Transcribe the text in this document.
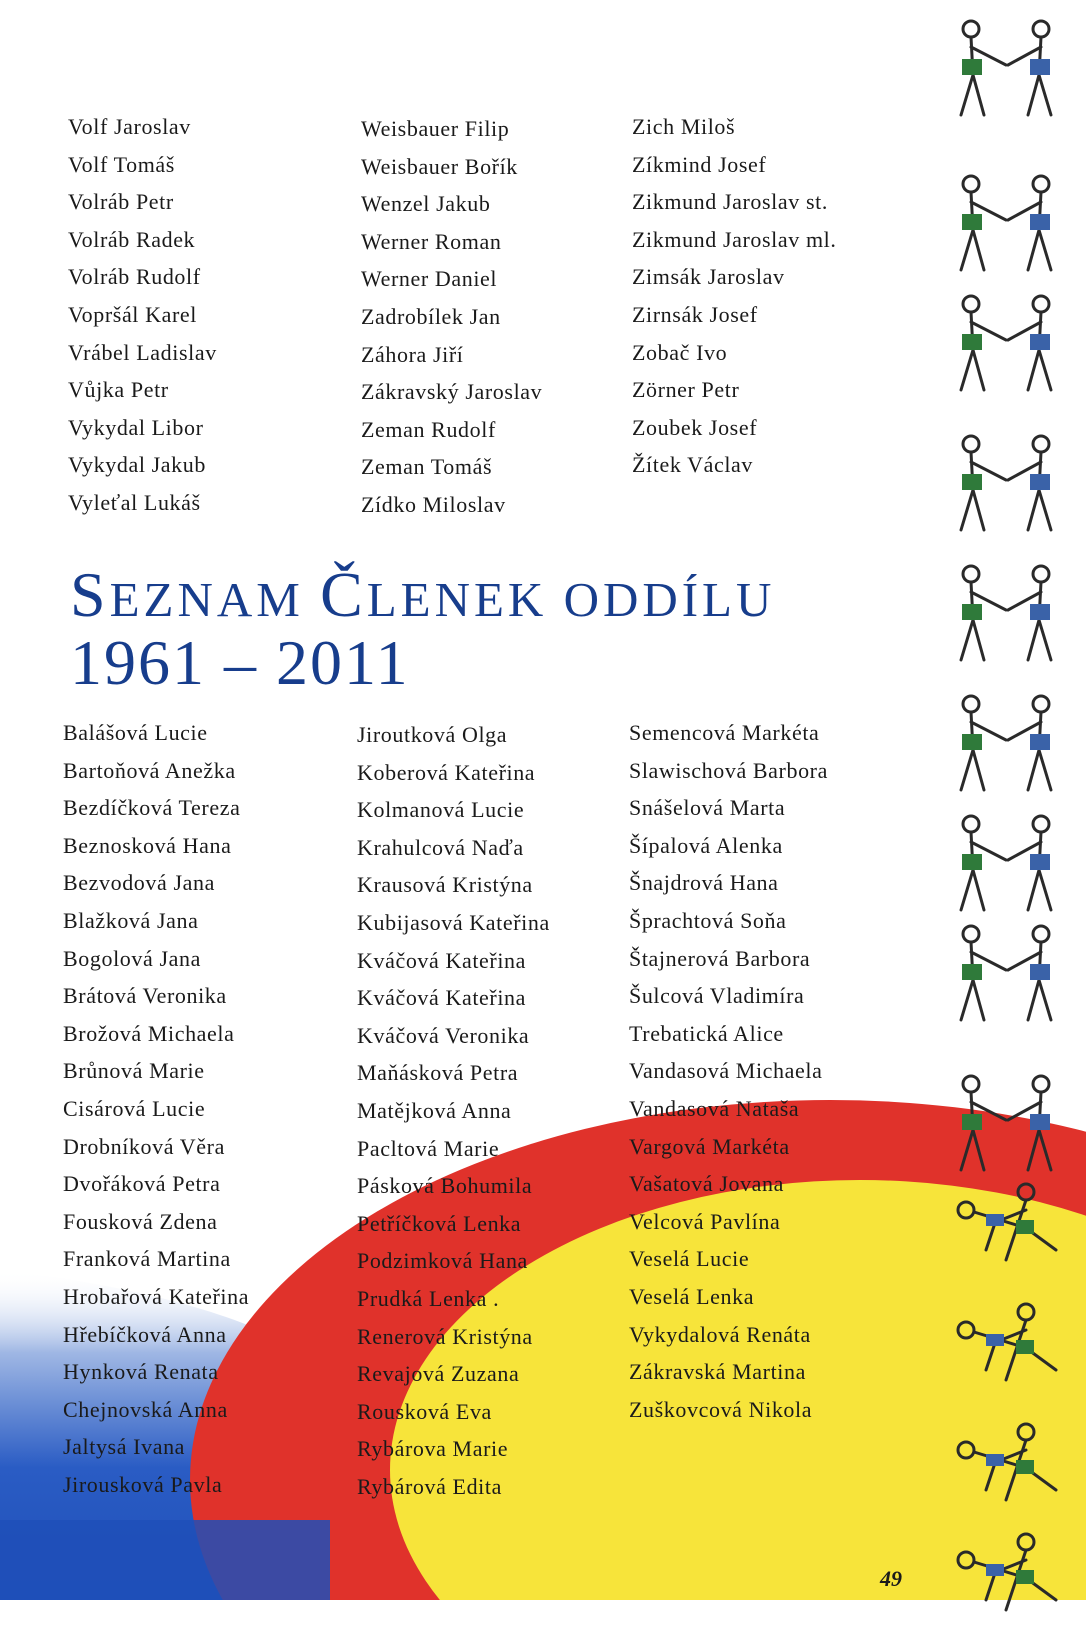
Volf Jaroslav
Volf Tomáš
Volráb Petr
Volráb Radek
Volráb Rudolf
Vopršál Karel
Vrábel Ladislav
Vůjka Petr
Vykydal Libor
Vykydal Jakub
Vyleťal Lukáš
Weisbauer Filip
Weisbauer Bořík
Wenzel Jakub
Werner Roman
Werner Daniel
Zadrobílek Jan
Záhora Jiří
Zákravský Jaroslav
Zeman Rudolf
Zeman Tomáš
Zídko Miloslav
Zich Miloš
Zíkmind Josef
Zikmund Jaroslav st.
Zikmund Jaroslav ml.
Zimsák Jaroslav
Zirnsák Josef
Zobač Ivo
Zörner Petr
Zoubek Josef
Žítek Václav
SEZNAM ČLENEK ODDÍLU
1961 – 2011
Balášová Lucie
Bartoňová Anežka
Bezdíčková Tereza
Beznosková Hana
Bezvodová Jana
Blažková Jana
Bogolová Jana
Brátová Veronika
Brožová Michaela
Brůnová Marie
Cisárová Lucie
Drobníková Věra
Dvořáková Petra
Fousková Zdena
Franková Martina
Hrobařová Kateřina
Hřebíčková Anna
Hynková Renata
Chejnovská Anna
Jaltysá Ivana
Jirousková Pavla
Jiroutková Olga
Koberová Kateřina
Kolmanová Lucie
Krahulcová Naďa
Krausová Kristýna
Kubijasová Kateřina
Kváčová Kateřina
Kváčová Kateřina
Kváčová Veronika
Maňásková Petra
Matějková Anna
Pacltová Marie
Pásková Bohumila
Petříčková Lenka
Podzimková Hana
Prudká Lenka .
Renerová Kristýna
Revajová Zuzana
Rousková Eva
Rybárova Marie
Rybárová Edita
Semencová Markéta
Slawischová Barbora
Snášelová Marta
Šípalová Alenka
Šnajdrová Hana
Šprachtová Soňa
Štajnerová Barbora
Šulcová Vladimíra
Trebatická Alice
Vandasová Michaela
Vandasová Nataša
Vargová Markéta
Vašatová Jovana
Velcová Pavlína
Veselá Lucie
Veselá Lenka
Vykydalová Renáta
Zákravská Martina
Zuškovcová Nikola
49
